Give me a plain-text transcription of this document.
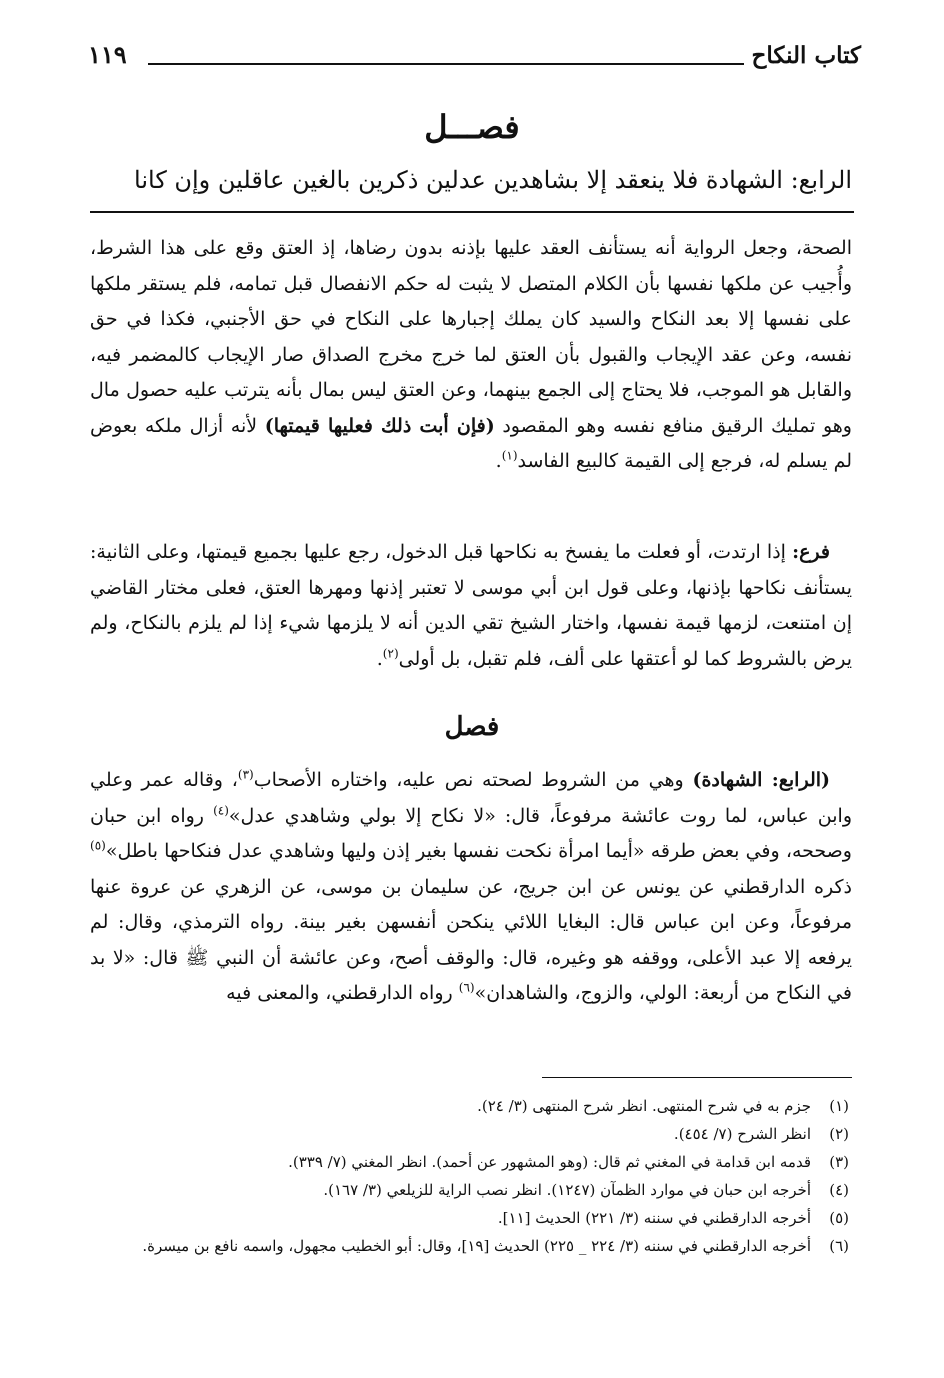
كتاب النكاح
١١٩
فصـــل
الرابع: الشهادة فلا ينعقد إلا بشاهدين عدلين ذكرين بالغين عاقلين وإن كانا

الصحة، وجعل الرواية أنه يستأنف العقد عليها بإذنه بدون رضاها، إذ العتق وقع على هذا الشرط، وأُجيب عن ملكها نفسها بأن الكلام المتصل لا يثبت له حكم الانفصال قبل تمامه، فلم يستقر ملكها على نفسها إلا بعد النكاح والسيد كان يملك إجبارها على النكاح في حق الأجنبي، فكذا في حق نفسه، وعن عقد الإيجاب والقبول بأن العتق لما خرج مخرج الصداق صار الإيجاب كالمضمر فيه، والقابل هو الموجب، فلا يحتاج إلى الجمع بينهما، وعن العتق ليس بمال بأنه يترتب عليه حصول مال وهو تمليك الرقيق منافع نفسه وهو المقصود (فإن أبت ذلك فعليها قيمتها) لأنه أزال ملكه بعوض لم يسلم له، فرجع إلى القيمة كالبيع الفاسد$^{(١)}$.

فرع: إذا ارتدت، أو فعلت ما يفسخ به نكاحها قبل الدخول، رجع عليها بجميع قيمتها، وعلى الثانية: يستأنف نكاحها بإذنها، وعلى قول ابن أبي موسى لا تعتبر إذنها ومهرها العتق، فعلى مختار القاضي إن امتنعت، لزمها قيمة نفسها، واختار الشيخ تقي الدين أنه لا يلزمها شيء إذا لم يلزم بالنكاح، ولم يرض بالشروط كما لو أعتقها على ألف، فلم تقبل، بل أولى$^{(٢)}$.

فصل

(الرابع: الشهادة) وهي من الشروط لصحته نص عليه، واختاره الأصحاب$^{(٣)}$، وقاله عمر وعلي وابن عباس، لما روت عائشة مرفوعاً، قال: «لا نكاح إلا بولي وشاهدي عدل»$^{(٤)}$ رواه ابن حبان وصححه، وفي بعض طرقه «أيما امرأة نكحت نفسها بغير إذن وليها وشاهدي عدل فنكاحها باطل»$^{(٥)}$ ذكره الدارقطني عن يونس عن ابن جريج، عن سليمان بن موسى، عن الزهري عن عروة عنها مرفوعاً، وعن ابن عباس قال: البغايا اللائي ينكحن أنفسهن بغير بينة. رواه الترمذي، وقال: لم يرفعه إلا عبد الأعلى، ووقفه هو وغيره، قال: والوقف أصح، وعن عائشة أن النبي ﷺ قال: «لا بد في النكاح من أربعة: الولي، والزوج، والشاهدان»$^{(٦)}$ رواه الدارقطني، والمعنى فيه

(١)
جزم به في شرح المنتهى. انظر شرح المنتهى (٣/ ٢٤).
(٢)
انظر الشرح (٧/ ٤٥٤).
(٣)
قدمه ابن قدامة في المغني ثم قال: (وهو المشهور عن أحمد). انظر المغني (٧/ ٣٣٩).
(٤)
أخرجه ابن حبان في موارد الظمآن (١٢٤٧). انظر نصب الراية للزيلعي (٣/ ١٦٧).
(٥)
أخرجه الدارقطني في سننه (٣/ ٢٢١) الحديث [١١].
(٦)
أخرجه الدارقطني في سننه (٣/ ٢٢٤ _ ٢٢٥) الحديث [١٩]، وقال: أبو الخطيب مجهول، واسمه نافع بن ميسرة.
